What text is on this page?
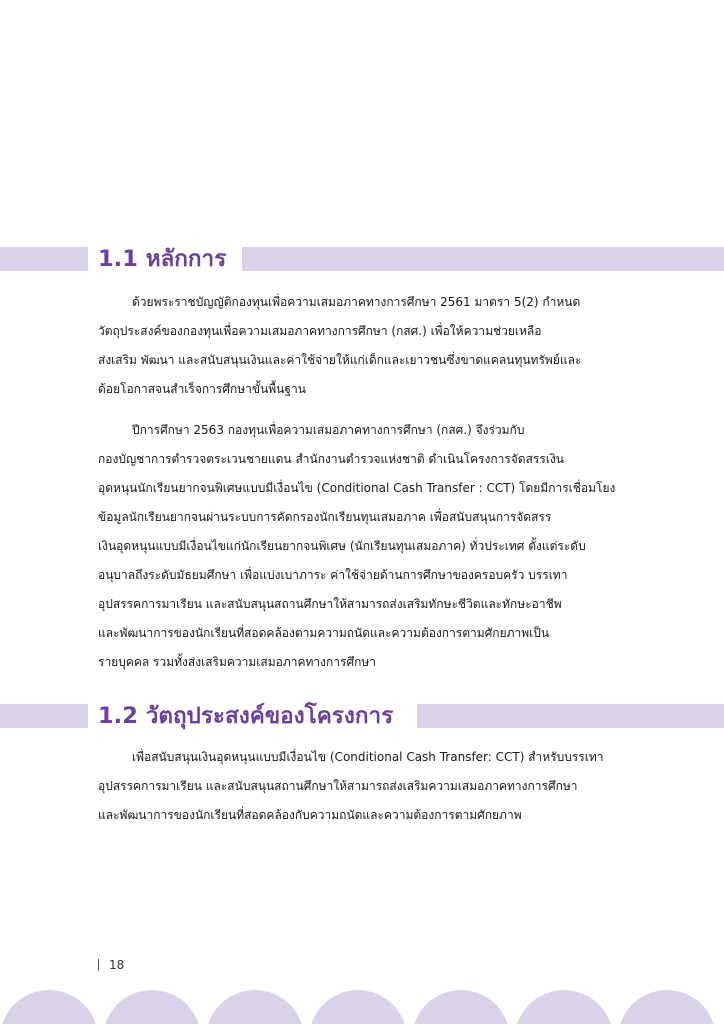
1.1 หลักการ
ด้วยพระราชบัญญัติกองทุนเพื่อความเสมอภาคทางการศึกษา 2561 มาตรา 5(2) กำหนด
วัตถุประสงค์ของกองทุนเพื่อความเสมอภาคทางการศึกษา (กสศ.) เพื่อให้ความช่วยเหลือ
ส่งเสริม พัฒนา และสนับสนุนเงินและค่าใช้จ่ายให้แก่เด็กและเยาวชนซึ่งขาดแคลนทุนทรัพย์และ
ด้อยโอกาสจนสำเร็จการศึกษาขั้นพื้นฐาน
ปีการศึกษา 2563 กองทุนเพื่อความเสมอภาคทางการศึกษา (กสศ.) จึงร่วมกับ
กองบัญชาการตำรวจตระเวนชายแดน สำนักงานตำรวจแห่งชาติ ดำเนินโครงการจัดสรรเงิน
อุดหนุนนักเรียนยากจนพิเศษแบบมีเงื่อนไข (Conditional Cash Transfer : CCT) โดยมีการเชื่อมโยง
ข้อมูลนักเรียนยากจนผ่านระบบการคัดกรองนักเรียนทุนเสมอภาค เพื่อสนับสนุนการจัดสรร
เงินอุดหนุนแบบมีเงื่อนไขแก่นักเรียนยากจนพิเศษ (นักเรียนทุนเสมอภาค) ทั่วประเทศ ตั้งแต่ระดับ
อนุบาลถึงระดับมัธยมศึกษา เพื่อแบ่งเบาภาระ ค่าใช้จ่ายด้านการศึกษาของครอบครัว บรรเทา
อุปสรรคการมาเรียน และสนับสนุนสถานศึกษาให้สามารถส่งเสริมทักษะชีวิตและทักษะอาชีพ
และพัฒนาการของนักเรียนที่สอดคล้องตามความถนัดและความต้องการตามศักยภาพเป็น
รายบุคคล รวมทั้งส่งเสริมความเสมอภาคทางการศึกษา
1.2 วัตถุประสงค์ของโครงการ
เพื่อสนับสนุนเงินอุดหนุนแบบมีเงื่อนไข (Conditional Cash Transfer: CCT) สำหรับบรรเทา
อุปสรรคการมาเรียน และสนับสนุนสถานศึกษาให้สามารถส่งเสริมความเสมอภาคทางการศึกษา
และพัฒนาการของนักเรียนที่สอดคล้องกับความถนัดและความต้องการตามศักยภาพ
18
